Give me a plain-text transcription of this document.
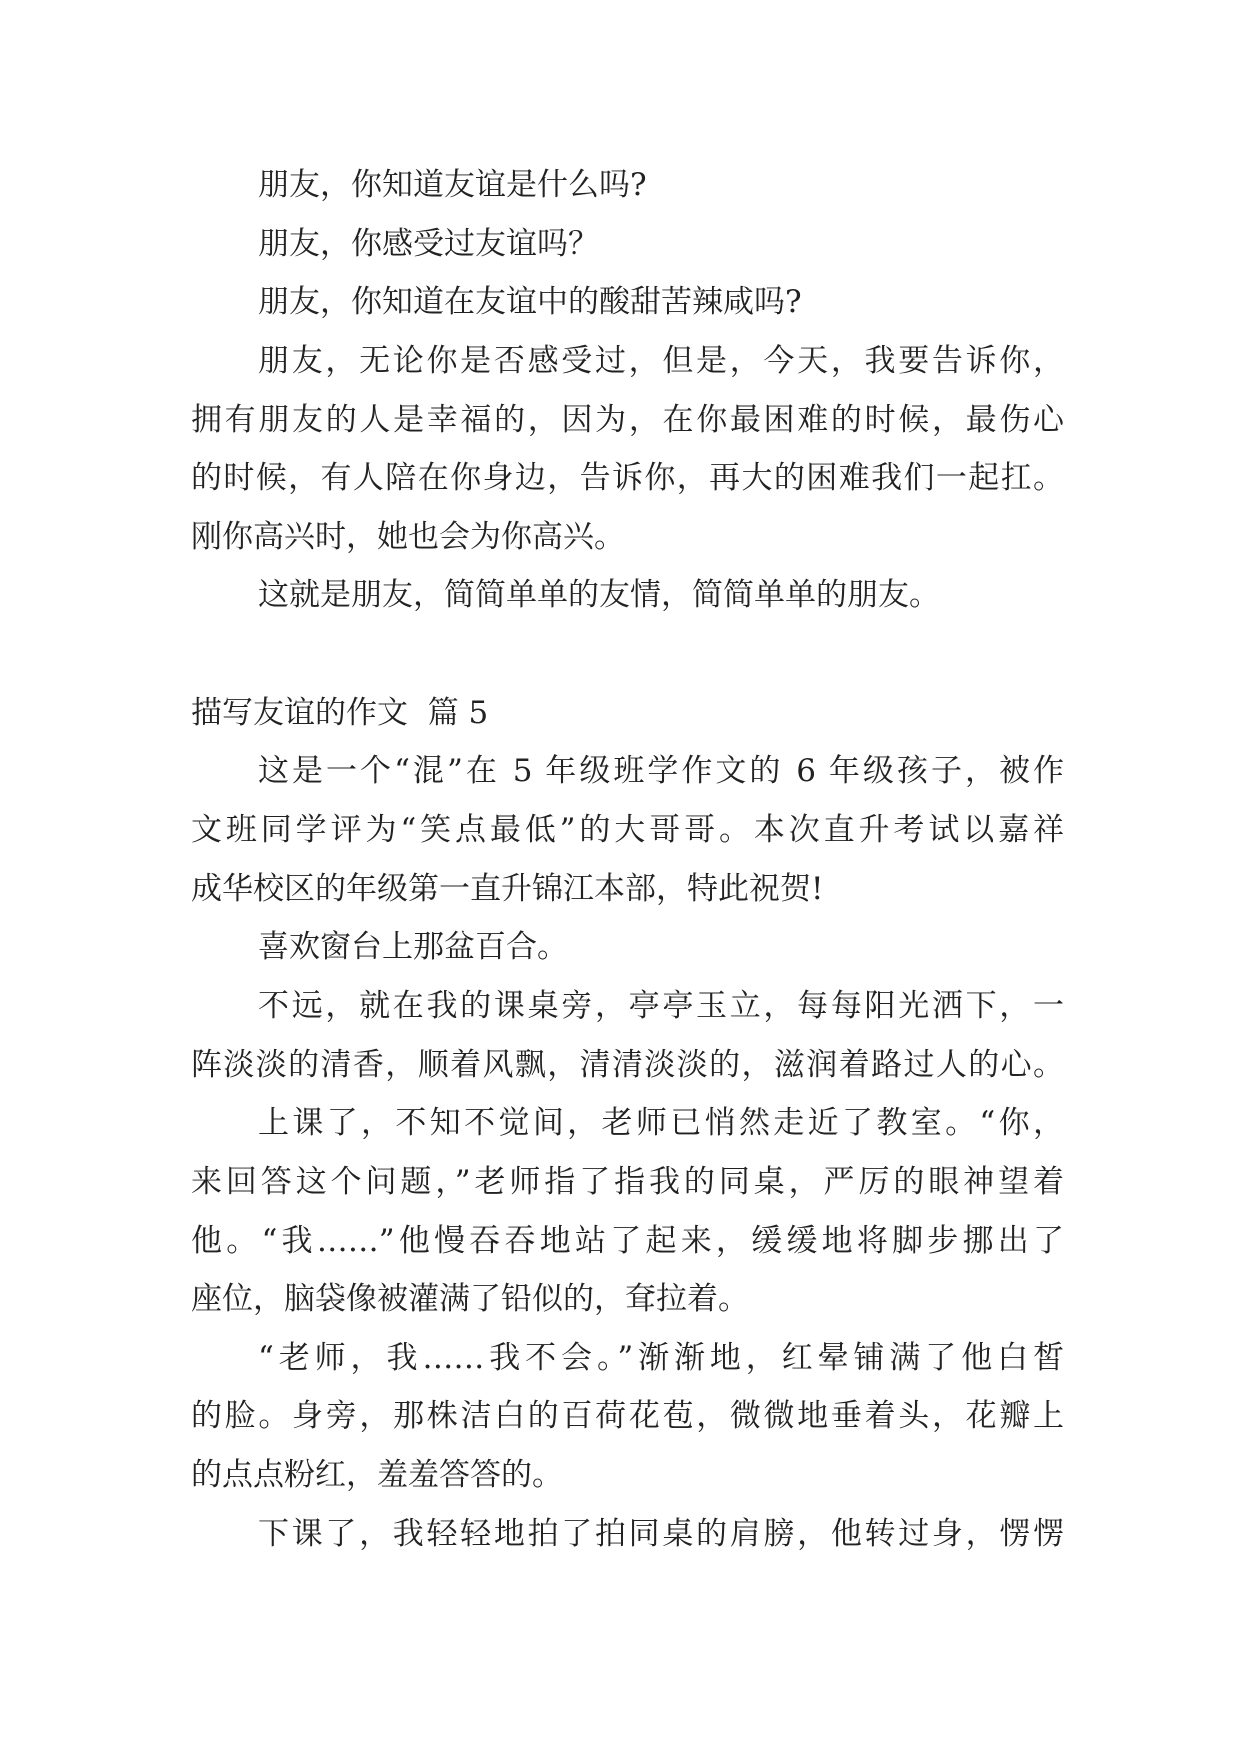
朋友，你知道友谊是什么吗?
朋友，你感受过友谊吗？
朋友，你知道在友谊中的酸甜苦辣咸吗?
朋友，无论你是否感受过，但是，今天，我要告诉你，
拥有朋友的人是幸福的，因为，在你最困难的时候，最伤心
的时候，有人陪在你身边，告诉你，再大的困难我们一起扛。
刚你高兴时，她也会为你高兴。
这就是朋友，简简单单的友情，简简单单的朋友。
描写友谊的作文  篇 5
这是一个“混”在 5 年级班学作文的 6 年级孩子，被作
文班同学评为“笑点最低”的大哥哥。本次直升考试以嘉祥
成华校区的年级第一直升锦江本部，特此祝贺!
喜欢窗台上那盆百合。
不远，就在我的课桌旁，亭亭玉立，每每阳光洒下，一
阵淡淡的清香，顺着风飘，清清淡淡的，滋润着路过人的心。
上课了，不知不觉间，老师已悄然走近了教室。“你，
来回答这个问题，”老师指了指我的同桌，严厉的眼神望着
他。“我……”他慢吞吞地站了起来，缓缓地将脚步挪出了
座位，脑袋像被灌满了铅似的，耷拉着。
“老师，我……我不会。”渐渐地，红晕铺满了他白皙
的脸。身旁，那株洁白的百荷花苞，微微地垂着头，花瓣上
的点点粉红，羞羞答答的。
下课了，我轻轻地拍了拍同桌的肩膀，他转过身，愣愣
